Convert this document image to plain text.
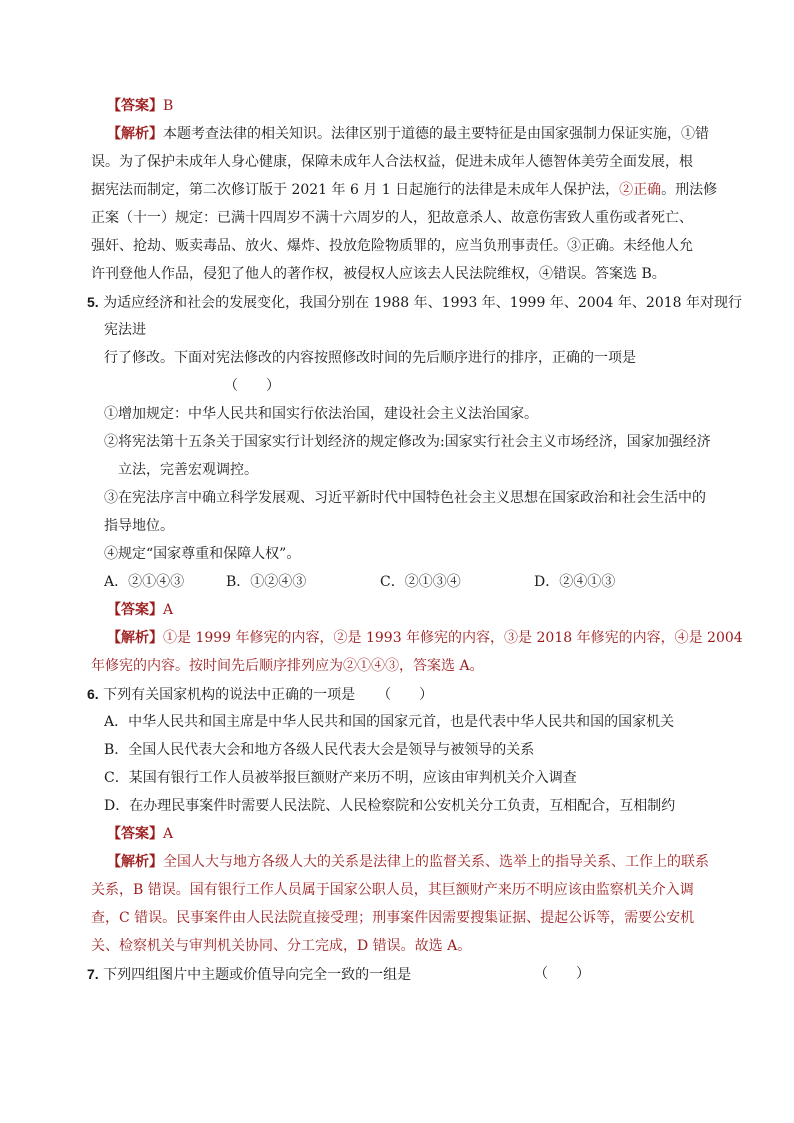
【答案】B
【解析】本题考查法律的相关知识。法律区别于道德的最主要特征是由国家强制力保证实施，①错
误。为了保护未成年人身心健康，保障未成年人合法权益，促进未成年人德智体美劳全面发展，根
据宪法而制定，第二次修订版于 2021 年 6 月 1 日起施行的法律是未成年人保护法，②正确。刑法修
正案（十一）规定：已满十四周岁不满十六周岁的人，犯故意杀人、故意伤害致人重伤或者死亡、
强奸、抢劫、贩卖毒品、放火、爆炸、投放危险物质罪的，应当负刑事责任。③正确。未经他人允
许刊登他人作品，侵犯了他人的著作权，被侵权人应该去人民法院维权，④错误。答案选 B。
5. 为适应经济和社会的发展变化，我国分别在 1988 年、1993 年、1999 年、2004 年、2018 年对现行
宪法进
行了修改。下面对宪法修改的内容按照修改时间的先后顺序进行的排序，正确的一项是
（　　）
①增加规定：中华人民共和国实行依法治国，建设社会主义法治国家。
②将宪法第十五条关于国家实行计划经济的规定修改为:国家实行社会主义市场经济，国家加强经济
立法，完善宏观调控。
③在宪法序言中确立科学发展观、习近平新时代中国特色社会主义思想在国家政治和社会生活中的
指导地位。
④规定“国家尊重和保障人权”。
A．②①④③	B．①②④③	C．②①③④	D．②④①③
【答案】A
【解析】①是 1999 年修宪的内容，②是 1993 年修宪的内容，③是 2018 年修宪的内容，④是 2004
年修宪的内容。按时间先后顺序排列应为②①④③，答案选 A。
6. 下列有关国家机构的说法中正确的一项是 （　　）
A．中华人民共和国主席是中华人民共和国的国家元首，也是代表中华人民共和国的国家机关
B．全国人民代表大会和地方各级人民代表大会是领导与被领导的关系
C．某国有银行工作人员被举报巨额财产来历不明，应该由审判机关介入调查
D．在办理民事案件时需要人民法院、人民检察院和公安机关分工负责，互相配合，互相制约
【答案】A
【解析】全国人大与地方各级人大的关系是法律上的监督关系、选举上的指导关系、工作上的联系
关系，B 错误。国有银行工作人员属于国家公职人员，其巨额财产来历不明应该由监察机关介入调
查，C 错误。民事案件由人民法院直接受理；刑事案件因需要搜集证据、提起公诉等，需要公安机
关、检察机关与审判机关协同、分工完成，D 错误。故选 A。
7. 下列四组图片中主题或价值导向完全一致的一组是	（　　）
